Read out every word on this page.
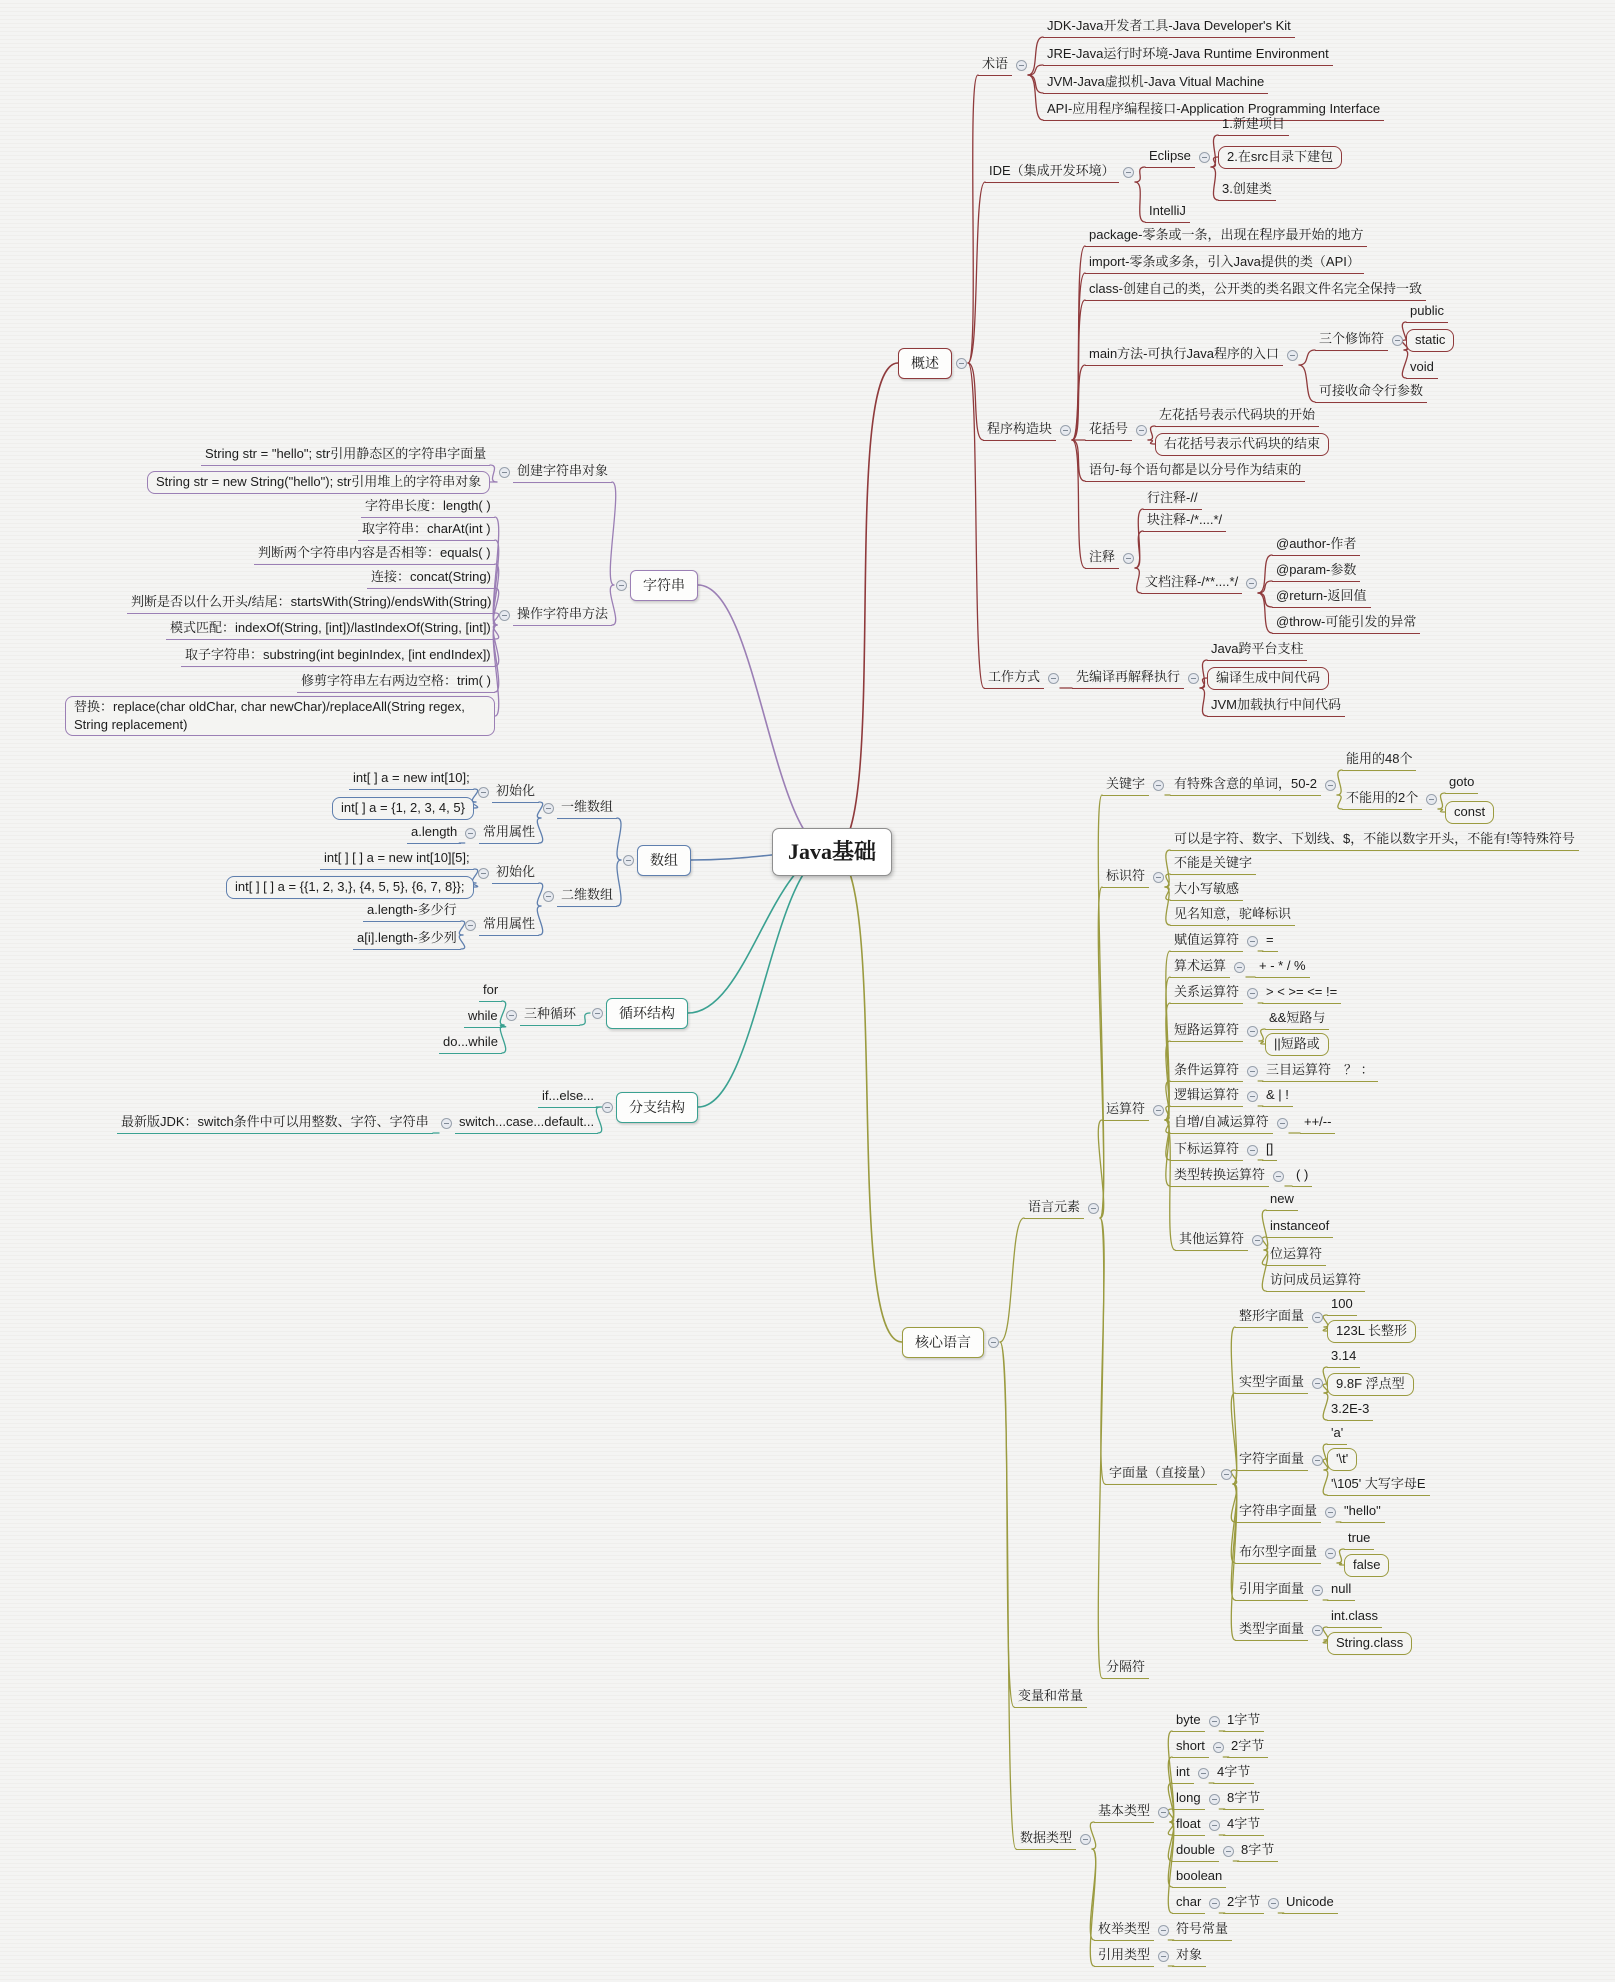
Java基础
概述
术语
JDK-Java开发者工具-Java Developer's Kit
JRE-Java运行时环境-Java Runtime Environment
JVM-Java虚拟机-Java Vitual Machine
API-应用程序编程接口-Application Programming Interface
IDE（集成开发环境）
Eclipse
1.新建项目
2.在src目录下建包
3.创建类
IntelliJ
程序构造块
package-零条或一条，出现在程序最开始的地方
import-零条或多条，引入Java提供的类（API）
class-创建自己的类，公开类的类名跟文件名完全保持一致
main方法-可执行Java程序的入口
三个修饰符
public
static
void
可接收命令行参数
花括号
左花括号表示代码块的开始
右花括号表示代码块的结束
语句-每个语句都是以分号作为结束的
注释
行注释-//
块注释-/*....*/
文档注释-/**....*/
@author-作者
@param-参数
@return-返回值
@throw-可能引发的异常
工作方式	先编译再解释执行
Java跨平台支柱
编译生成中间代码
JVM加载执行中间代码
字符串
创建字符串对象
String str = "hello"; str引用静态区的字符串字面量
String str = new String("hello"); str引用堆上的字符串对象
操作字符串方法
字符串长度：length( )
取字符串：charAt(int )
判断两个字符串内容是否相等：equals( )
连接：concat(String)
判断是否以什么开头/结尾：startsWith(String)/endsWith(String)
模式匹配：indexOf(String, [int])/lastIndexOf(String, [int])
取子字符串：substring(int beginIndex, [int endIndex])
修剪字符串左右两边空格：trim( )
替换：replace(char oldChar, char newChar)/replaceAll(String regex, String replacement)
数组
一维数组
初始化
int[ ] a = new int[10];
int[ ] a = {1, 2, 3, 4, 5}
常用属性
a.length
二维数组
初始化
int[ ] [ ] a = new int[10][5];
int[ ] [ ] a = {{1, 2, 3,}, {4, 5, 5}, {6, 7, 8}};
常用属性
a.length-多少行
a[i].length-多少列
循环结构
三种循环
for
while
do...while
分支结构
if...else...
switch...case...default...
最新版JDK：switch条件中可以用整数、字符、字符串
核心语言
语言元素
关键字	有特殊含意的单词，50-2
能用的48个
不能用的2个
goto
const
标识符
可以是字符、数字、下划线、$，不能以数字开头，不能有!等特殊符号
不能是关键字
大小写敏感
见名知意，驼峰标识
运算符
赋值运算符	=
算术运算	+ - * / %
关系运算符	> < >= <= !=
短路运算符
&&短路与
||短路或
条件运算符	三目运算符　？ ：
逻辑运算符	& | !
自增/自减运算符	++/--
下标运算符	[]
类型转换运算符	( )
其他运算符
new
instanceof
位运算符
访问成员运算符
字面量（直接量）
整形字面量
100
123L 长整形
实型字面量
3.14
9.8F 浮点型
3.2E-3
字符字面量
'a'
'\t'
'\105' 大写字母E
字符串字面量	"hello"
布尔型字面量
true
false
引用字面量	null
类型字面量
int.class
String.class
分隔符
变量和常量
数据类型
基本类型
byte	1字节
short	2字节
int	4字节
long	8字节
float	4字节
double	8字节
boolean
char	2字节	Unicode
枚举类型	符号常量
引用类型	对象
